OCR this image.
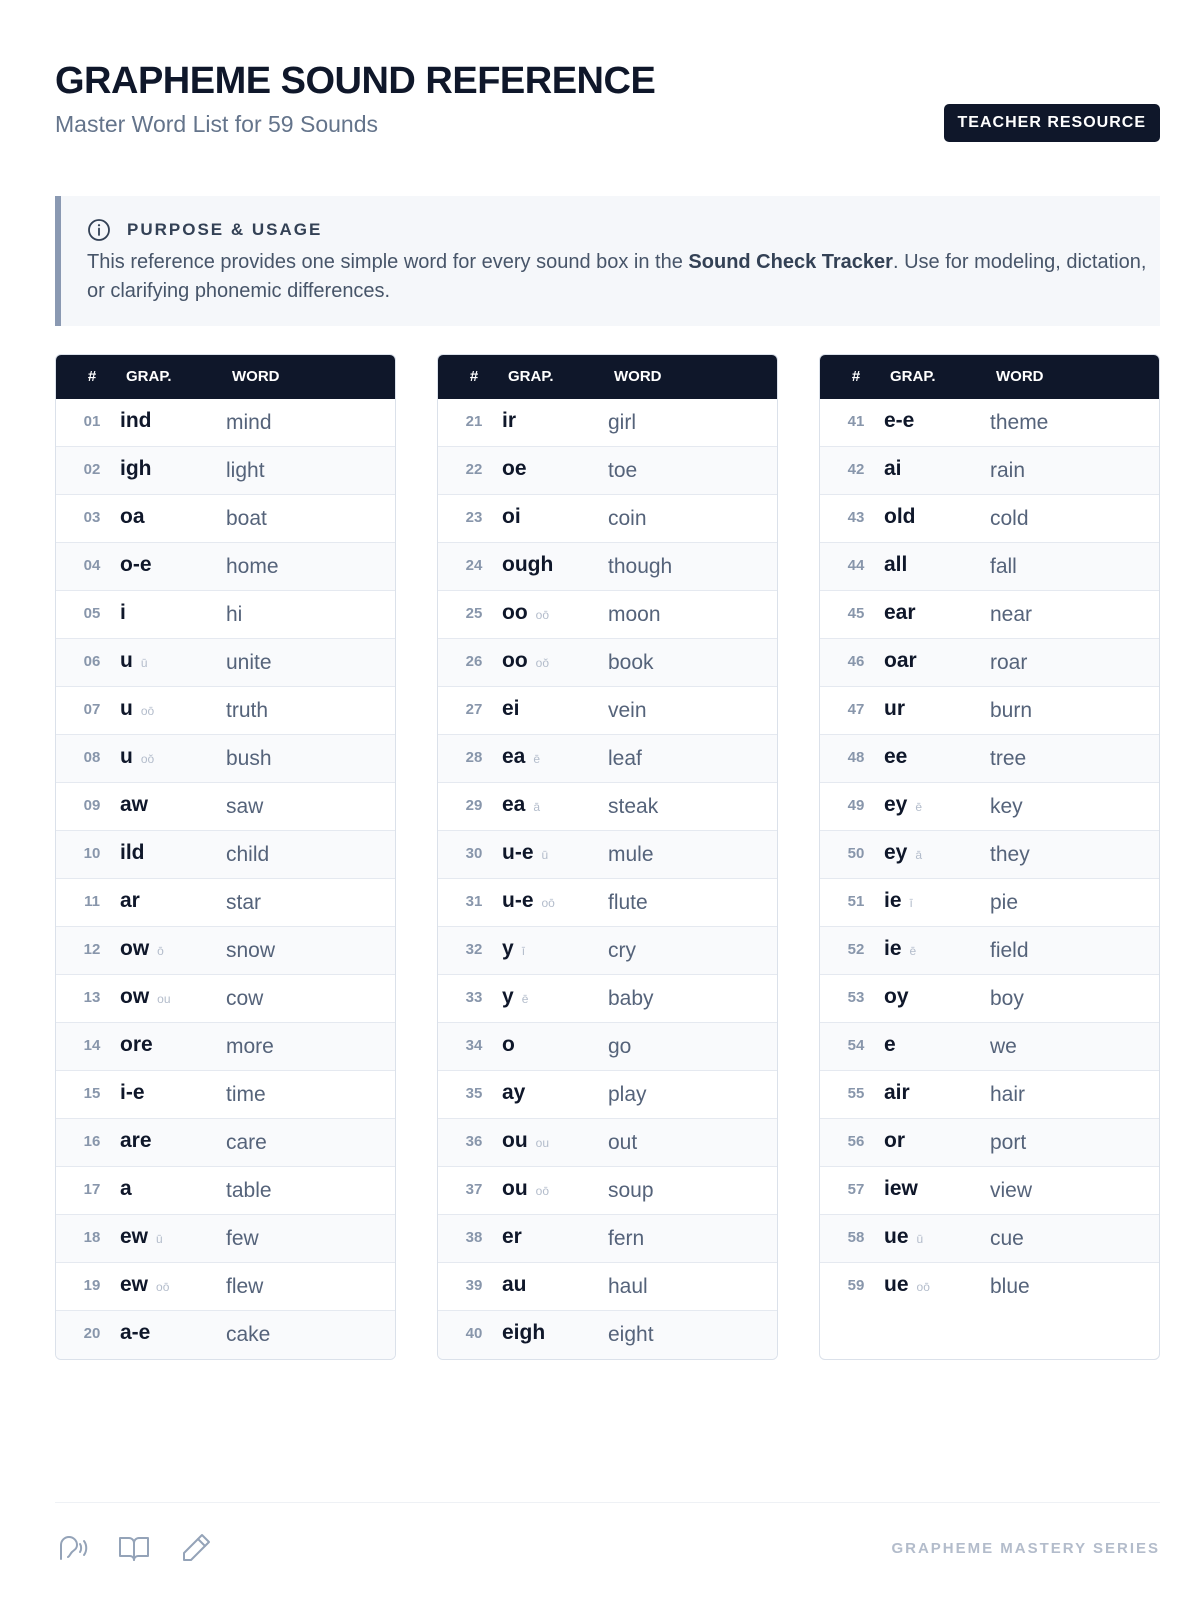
GRAPHEME SOUND REFERENCE
Master Word List for 59 Sounds	TEACHER RESOURCE
PURPOSE & USAGE
This reference provides one simple word for every sound box in the Sound Check Tracker. Use for modeling, dictation, or clarifying phonemic differences.
# GRAP.	WORD
01 ind	mind
02 igh	light
03 oa	boat
04 o-e	home
05 i	hi
06 uū	unite
07 uoō	truth
08 uoŏ	bush
09 aw	saw
10 ild	child
11 ar	star
12 ow ō	snow
13 ow ou	cow
14 ore	more
15 i-e	time
16 are	care
17 a	table
18 ew ū	few
19 ew oō	flew
20 a-e	cake
# GRAP.	WORD
21 ir	girl
22 oe	toe
23 oi	coin
24 ough	though
25 oo oō	moon
26 oo oŏ	book
27 ei	vein
28 ea ē	leaf
29 ea ā	steak
30 u-e ū	mule
31 u-e oō	flute
32 yī	cry
33 yē	baby
34 o	go
35 ay	play
36 ou ou	out
37 ou oō	soup
38 er	fern
39 au	haul
40 eigh	eight
# GRAP.	WORD
41 e-e	theme
42 ai	rain
43 old	cold
44 all	fall
45 ear	near
46 oar	roar
47 ur	burn
48 ee	tree
49 ey ē	key
50 ey ā	they
51 ie ī	pie
52 ie ē	field
53 oy	boy
54 e	we
55 air	hair
56 or	port
57 iew	view
58 ue ū	cue
59 ue oō	blue
GRAPHEME MASTERY SERIES
